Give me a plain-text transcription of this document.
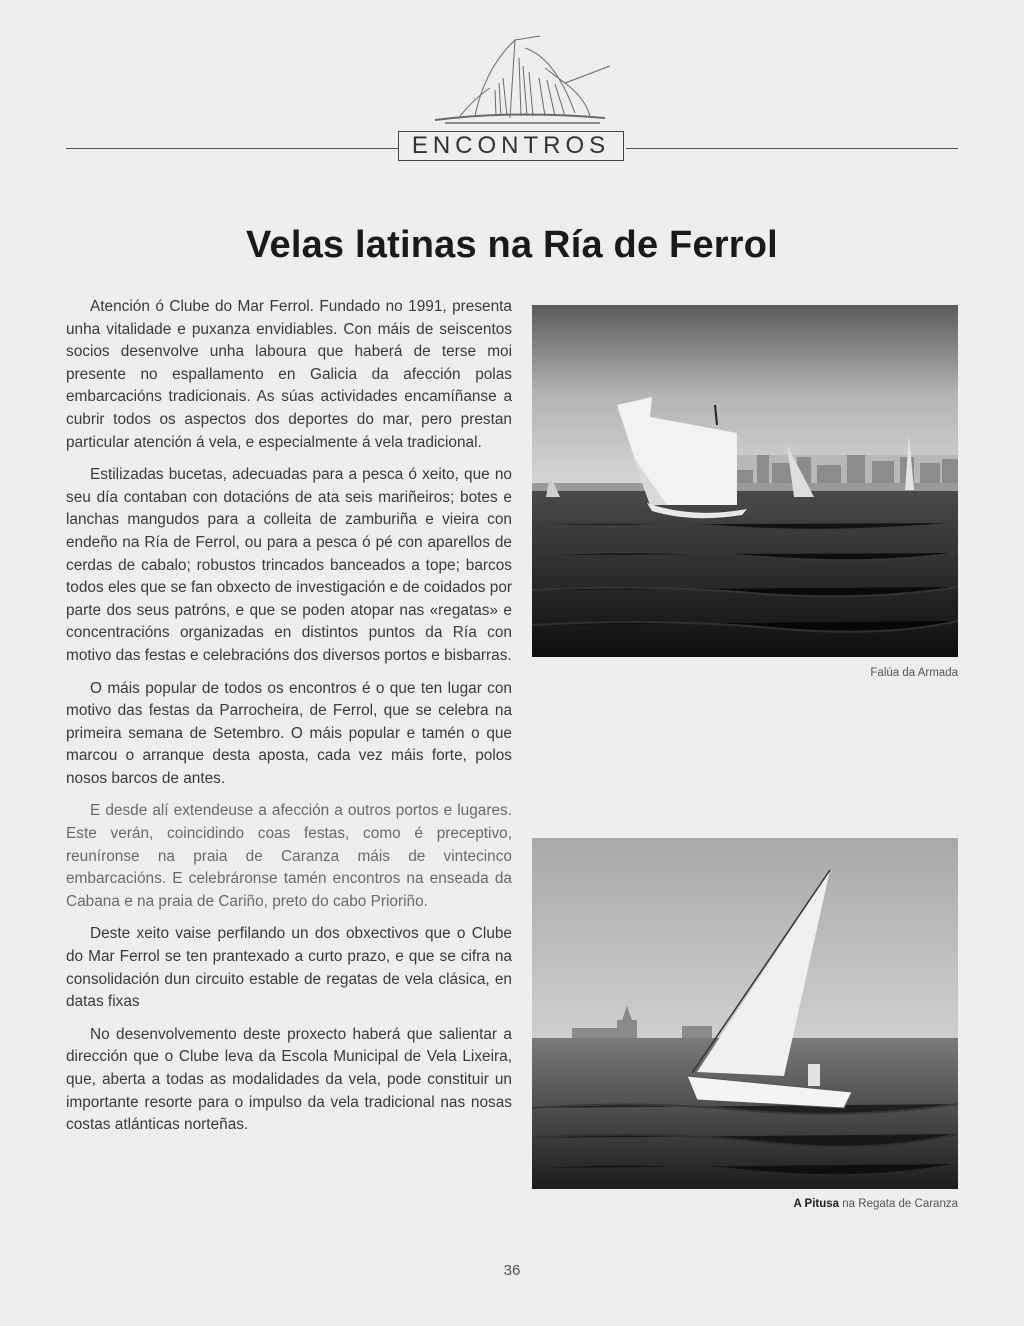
ENCONTROS
Velas latinas na Ría de Ferrol

Atención ó Clube do Mar Ferrol. Fundado no 1991, presenta unha vitalidade e puxanza envidiables. Con máis de seiscentos socios desenvolve unha laboura que haberá de terse moi presente no espallamento en Galicia da afección polas embarcacións tradicionais. As súas actividades encamíñanse a cubrir todos os aspectos dos deportes do mar, pero prestan particular atención á vela, e especialmente á vela tradicional.

Estilizadas bucetas, adecuadas para a pesca ó xeito, que no seu día contaban con dotacións de ata seis mariñeiros; botes e lanchas mangudos para a colleita de zamburiña e vieira con endeño na Ría de Ferrol, ou para a pesca ó pé con aparellos de cerdas de cabalo; robustos trincados banceados a tope; barcos todos eles que se fan obxecto de investigación e de coidados por parte dos seus patróns, e que se poden atopar nas «regatas» e concentracións organizadas en distintos puntos da Ría con motivo das festas e celebracións dos diversos portos e bisbarras.

O máis popular de todos os encontros é o que ten lugar con motivo das festas da Parrocheira, de Ferrol, que se celebra na primeira semana de Setembro. O máis popular e tamén o que marcou o arranque desta aposta, cada vez máis forte, polos nosos barcos de antes.

E desde alí extendeuse a afección a outros portos e lugares. Este verán, coincidindo coas festas, como é preceptivo, reuníronse na praia de Caranza máis de vintecinco embarcacións. E celebráronse tamén encontros na enseada da Cabana e na praia de Cariño, preto do cabo Prioriño.

Deste xeito vaise perfilando un dos obxectivos que o Clube do Mar Ferrol se ten prantexado a curto prazo, e que se cifra na consolidación dun circuito estable de regatas de vela clásica, en datas fixas

No desenvolvemento deste proxecto haberá que salientar a dirección que o Clube leva da Escola Municipal de Vela Lixeira, que, aberta a todas as modalidades da vela, pode constituir un importante resorte para o impulso da vela tradicional nas nosas costas atlánticas norteñas.

Falúa da Armada
A Pitusa na Regata de Caranza
36
